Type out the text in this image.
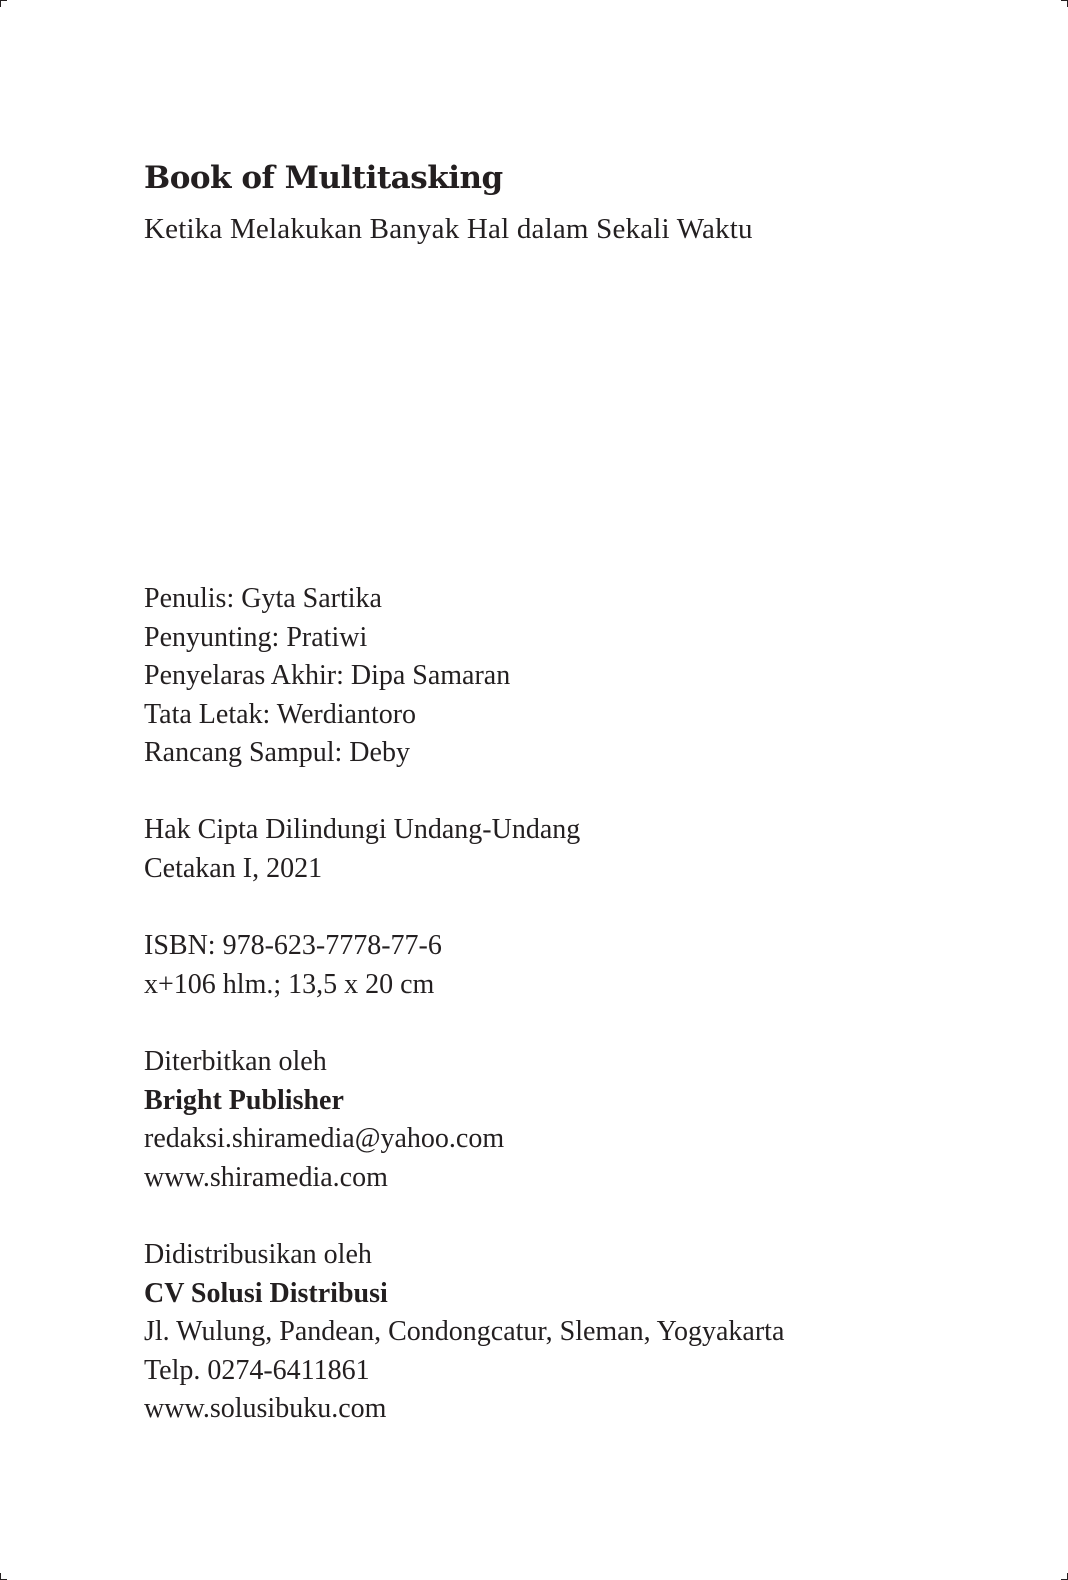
Book of Multitasking

Ketika Melakukan Banyak Hal dalam Sekali Waktu

Penulis: Gyta Sartika
Penyunting: Pratiwi
Penyelaras Akhir: Dipa Samaran
Tata Letak: Werdiantoro
Rancang Sampul: Deby
Hak Cipta Dilindungi Undang-Undang
Cetakan I, 2021
ISBN: 978-623-7778-77-6
x+106 hlm.; 13,5 x 20 cm
Diterbitkan oleh
Bright Publisher
redaksi.shiramedia@yahoo.com
www.shiramedia.com
Didistribusikan oleh
CV Solusi Distribusi
Jl. Wulung, Pandean, Condongcatur, Sleman, Yogyakarta
Telp. 0274-6411861
www.solusibuku.com
